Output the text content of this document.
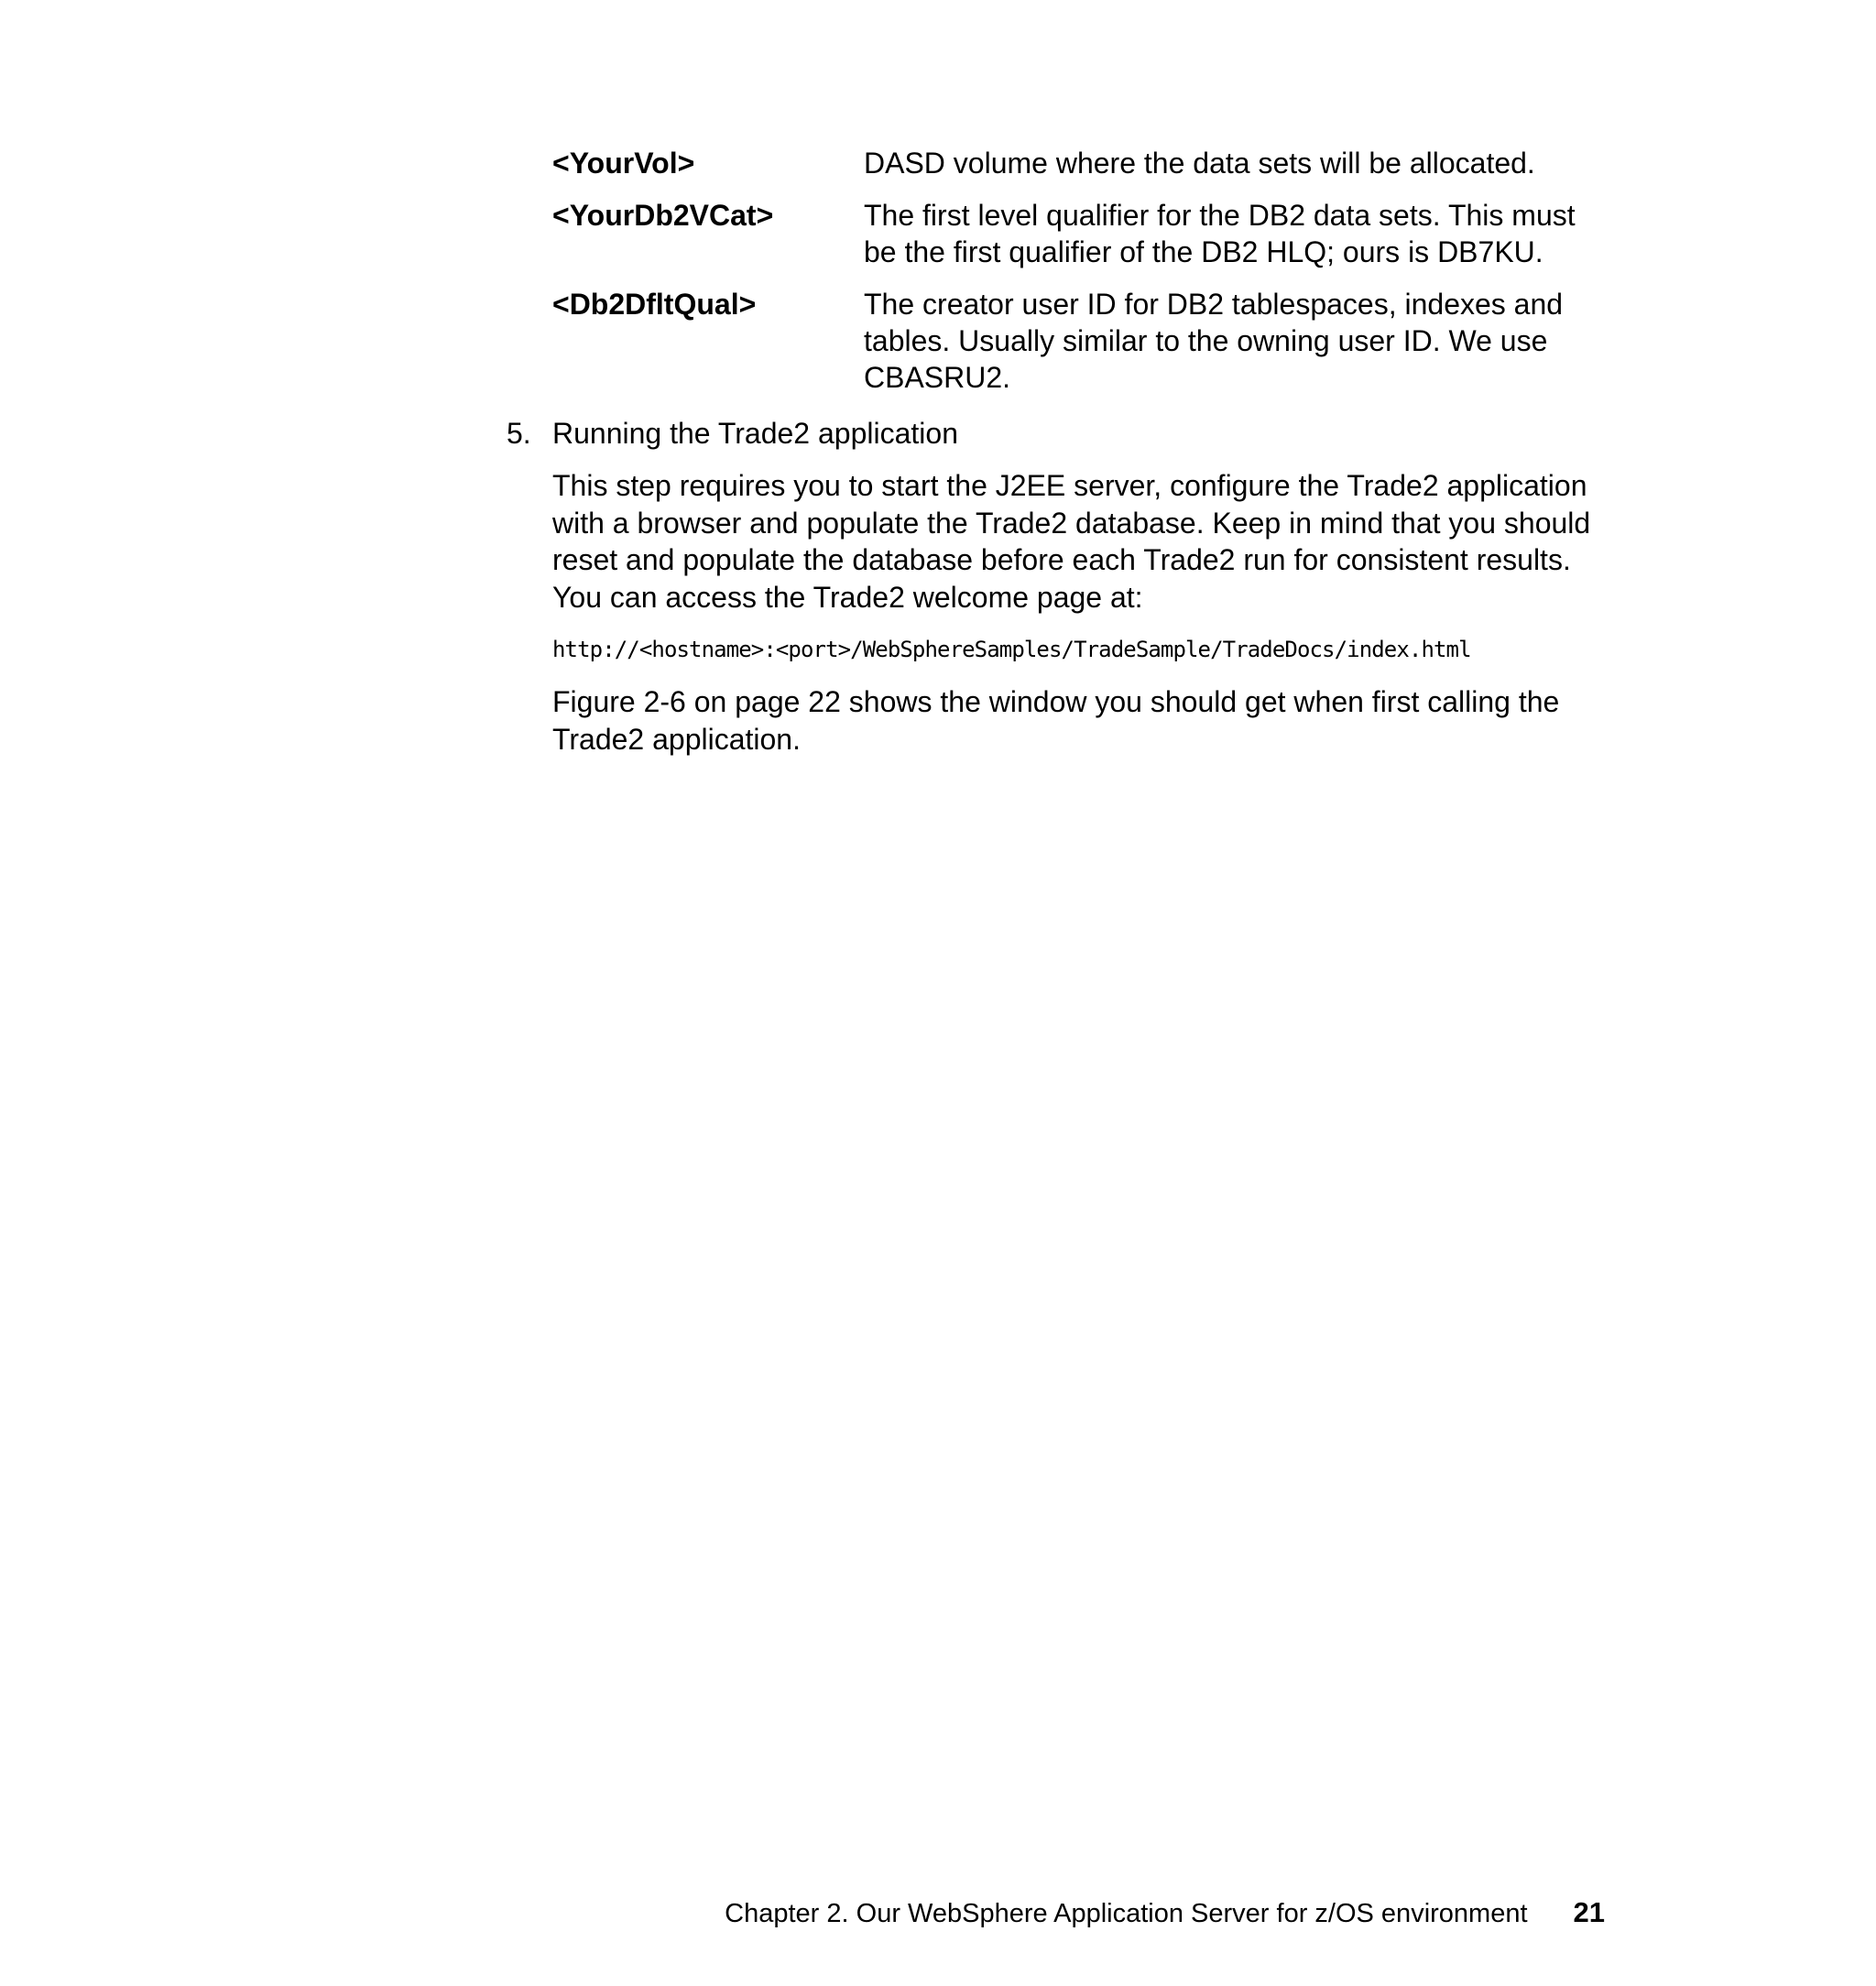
<YourVol>	DASD volume where the data sets will be allocated.
<YourDb2VCat>	The first level qualifier for the DB2 data sets. This must be the first qualifier of the DB2 HLQ; ours is DB7KU.
<Db2DfltQual>	The creator user ID for DB2 tablespaces, indexes and tables. Usually similar to the owning user ID. We use CBASRU2.
5. Running the Trade2 application

This step requires you to start the J2EE server, configure the Trade2 application with a browser and populate the Trade2 database. Keep in mind that you should reset and populate the database before each Trade2 run for consistent results. You can access the Trade2 welcome page at:

http://<hostname>:<port>/WebSphereSamples/TradeSample/TradeDocs/index.html

Figure 2-6 on page 22 shows the window you should get when first calling the Trade2 application.

Chapter 2. Our WebSphere Application Server for z/OS environment 21
